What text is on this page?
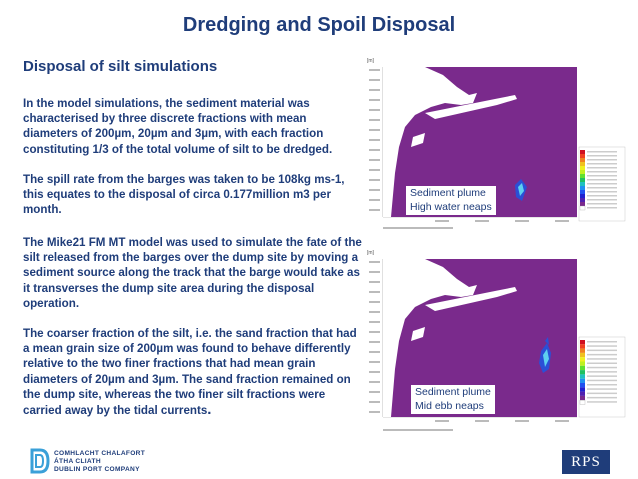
Dredging and Spoil Disposal
Disposal of silt simulations

In the model simulations, the sediment material was characterised by three discrete fractions with mean diameters of 200µm, 20µm and 3µm, with each fraction constituting 1/3 of the total volume of silt to be dredged.

The spill rate from the barges was taken to be 108kg ms-1, this equates to the disposal of circa 0.177million m3 per month.

The Mike21 FM MT model was used to simulate the fate of the silt released from the barges over the dump site by moving a sediment source along the track that the barge would take as it transverses the dump site area during the disposal operation.

The coarser fraction of the silt, i.e. the sand fraction that had a mean grain size of 200µm was found to behave differently relative to the two finer fractions that had mean grain diameters of 20µm and 3µm. The sand fraction remained on the dump site, whereas the two finer silt fractions were carried away by the tidal currents.

[m]
Sediment plume
High water neaps
[m]
Sediment plume
Mid ebb neaps
COMHLACHT CHALAFORT
ÁTHA CLIATH
DUBLIN PORT COMPANY	RPS
